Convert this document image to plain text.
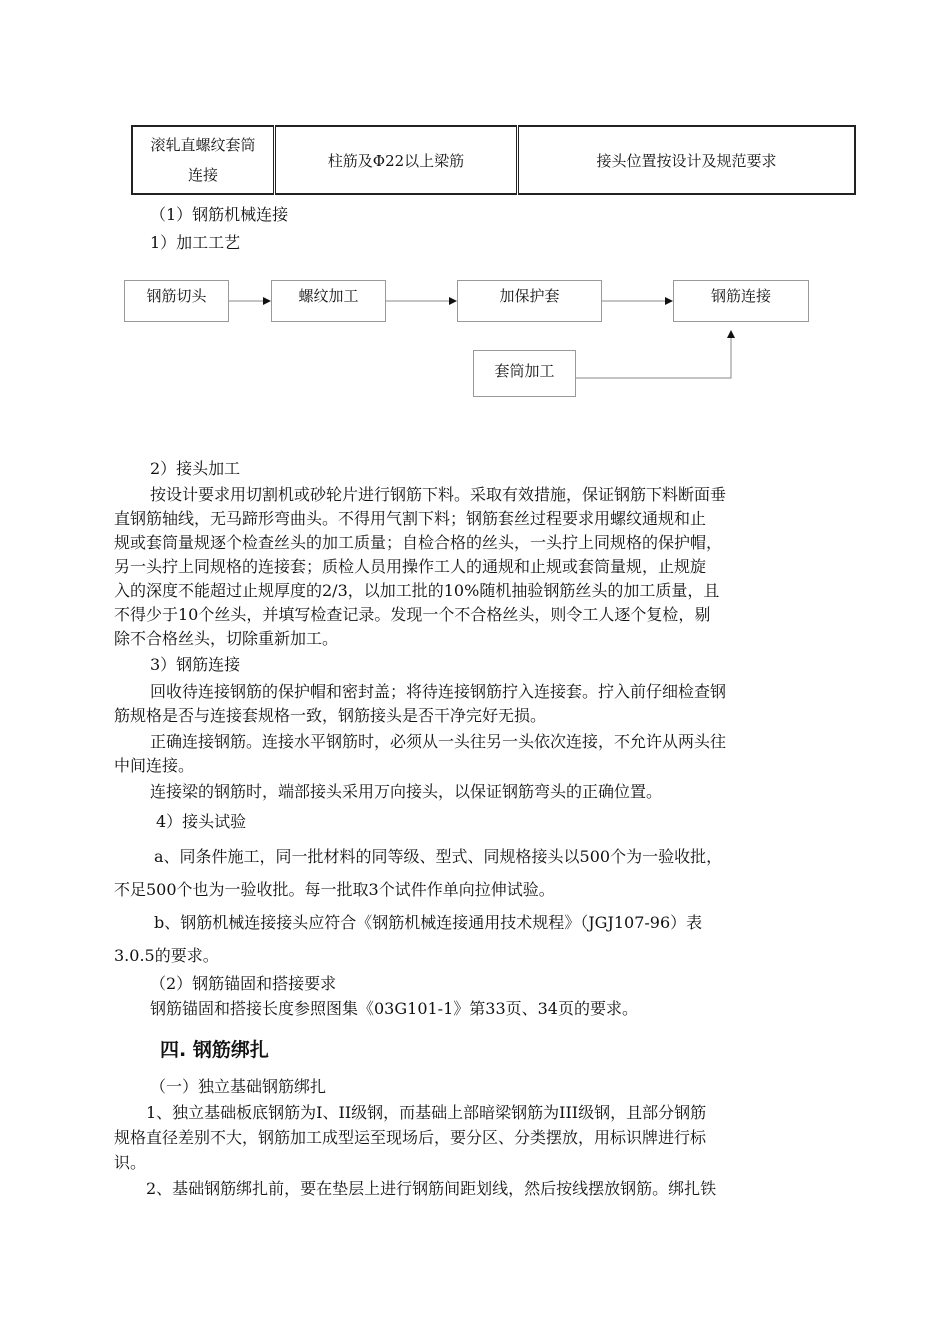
滚轧直螺纹套筒
连接	柱筋及Φ22以上梁筋	接头位置按设计及规范要求
（1）钢筋机械连接
1）加工工艺
钢筋切头	螺纹加工	加保护套	钢筋连接
套筒加工
2）接头加工
按设计要求用切割机或砂轮片进行钢筋下料。采取有效措施，保证钢筋下料断面垂
直钢筋轴线，无马蹄形弯曲头。不得用气割下料；钢筋套丝过程要求用螺纹通规和止
规或套筒量规逐个检查丝头的加工质量；自检合格的丝头，一头拧上同规格的保护帽，
另一头拧上同规格的连接套；质检人员用操作工人的通规和止规或套筒量规，止规旋
入的深度不能超过止规厚度的2/3，以加工批的10%随机抽验钢筋丝头的加工质量，且
不得少于10个丝头，并填写检查记录。发现一个不合格丝头，则令工人逐个复检，剔
除不合格丝头，切除重新加工。
3）钢筋连接
回收待连接钢筋的保护帽和密封盖；将待连接钢筋拧入连接套。拧入前仔细检查钢
筋规格是否与连接套规格一致，钢筋接头是否干净完好无损。
正确连接钢筋。连接水平钢筋时，必须从一头往另一头依次连接，不允许从两头往
中间连接。
连接梁的钢筋时，端部接头采用万向接头，以保证钢筋弯头的正确位置。
4）接头试验
a、同条件施工，同一批材料的同等级、型式、同规格接头以500个为一验收批，
不足500个也为一验收批。每一批取3个试件作单向拉伸试验。
b、钢筋机械连接接头应符合《钢筋机械连接通用技术规程》（JGJ107-96）表
3.0.5的要求。
（2）钢筋锚固和搭接要求
钢筋锚固和搭接长度参照图集《03G101-1》第33页、34页的要求。
四. 钢筋绑扎
（一）独立基础钢筋绑扎
1、独立基础板底钢筋为I、II级钢，而基础上部暗梁钢筋为III级钢，且部分钢筋
规格直径差别不大，钢筋加工成型运至现场后，要分区、分类摆放，用标识牌进行标
识。
2、基础钢筋绑扎前，要在垫层上进行钢筋间距划线，然后按线摆放钢筋。绑扎铁
